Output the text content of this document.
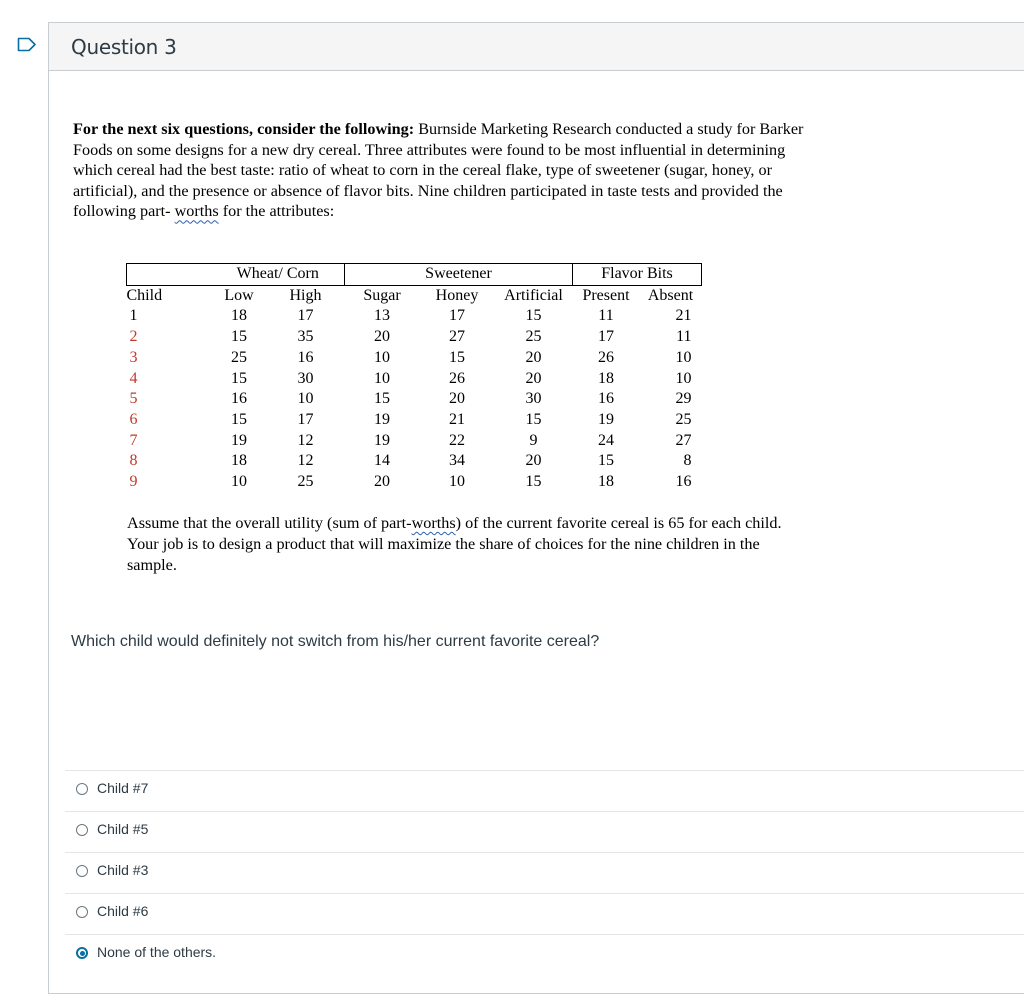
Question 3
For the next six questions, consider the following: Burnside Marketing Research conducted a study for Barker Foods on some designs for a new dry cereal. Three attributes were found to be most influential in determining which cereal had the best taste: ratio of wheat to corn in the cereal flake, type of sweetener (sugar, honey, or artificial), and the presence or absence of flavor bits. Nine children participated in taste tests and provided the following part- worths for the attributes:
	Wheat/ Corn		Sweetener			Flavor Bits	
Child	Low	High	Sugar	Honey	Artificial	Present	Absent
1	18	17	13	17	15	11	21
2	15	35	20	27	25	17	11
3	25	16	10	15	20	26	10
4	15	30	10	26	20	18	10
5	16	10	15	20	30	16	29
6	15	17	19	21	15	19	25
7	19	12	19	22	9	24	27
8	18	12	14	34	20	15	8
9	10	25	20	10	15	18	16
Assume that the overall utility (sum of part-worths) of the current favorite cereal is 65 for each child. Your job is to design a product that will maximize the share of choices for the nine children in the sample.
Which child would definitely not switch from his/her current favorite cereal?
Child #7
Child #5
Child #3
Child #6
None of the others.
